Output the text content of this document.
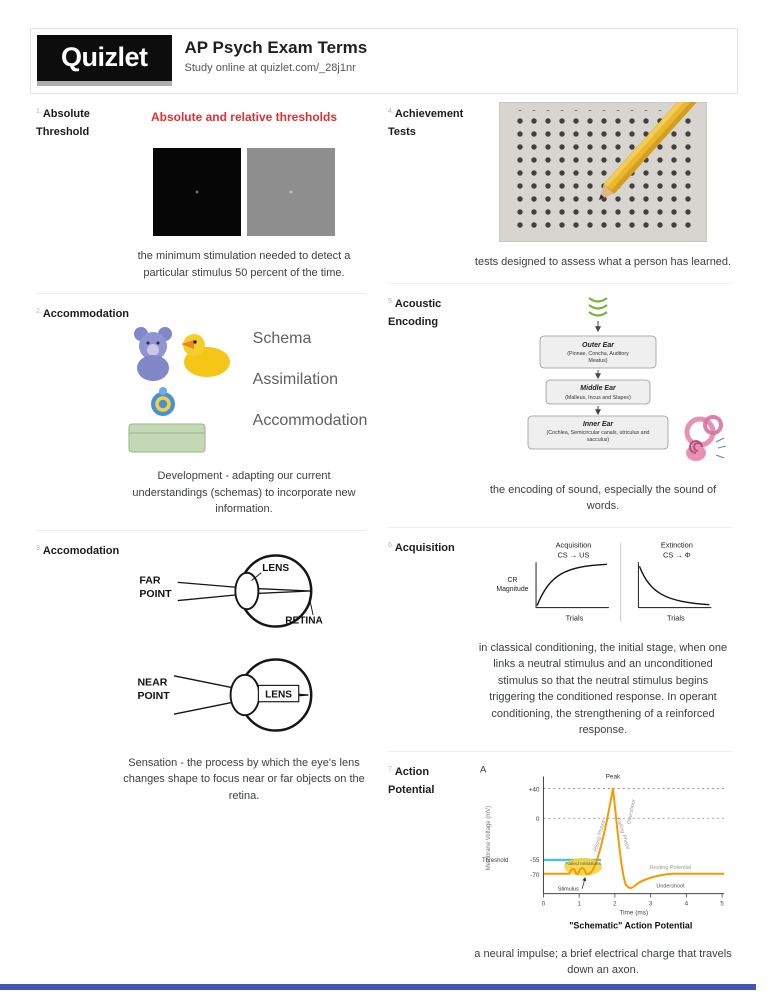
Quizlet	AP Psych Exam Terms
Study online at quizlet.com/_28j1nr
$^{1.}$Absolute Threshold
Absolute and relative thresholds
the minimum stimulation needed to detect a particular stimulus 50 percent of the time.
$^{2.}$Accommodation
Schema
Assimilation
Accommodation
Development - adapting our current understandings (schemas) to incorporate new information.
$^{3.}$Accomodation
FAR
POINT
LENS
RETINA
NEAR
POINT	LENS
Sensation - the process by which the eye's lens changes shape to focus near or far objects on the retina.
$^{4.}$Achievement Tests
tests designed to assess what a person has learned.
$^{5.}$Acoustic Encoding
Outer Ear
(Pinnae, Concha, Auditory
Meatus)
Middle Ear
(Malleus, Incus and Stapes)
Inner Ear
(Cochlea, Semicircular canals, utriculus and
sacculus)
the encoding of sound, especially the sound of words.
$^{6.}$Acquisition	Acquisition
CS → US
CR
Magnitude
Trials
Extinction
CS → Φ
Trials
in classical conditioning, the initial stage, when one links a neutral stimulus and an unconditioned stimulus so that the neutral stimulus begins triggering the conditioned response. In operant conditioning, the strengthening of a reinforced response.
$^{7.}$Action Potential
A
+40
0
-55
-70
Threshold
Peak
Rising Phase Falling Phase
Overshoot
Failed Initiations
Resting Potential
Undershoot
Stimulus
0	1	2	3	4	5
Time (ms)
Membrane Voltage (mV)
"Schematic" Action Potential
a neural impulse; a brief electrical charge that travels down an axon.
